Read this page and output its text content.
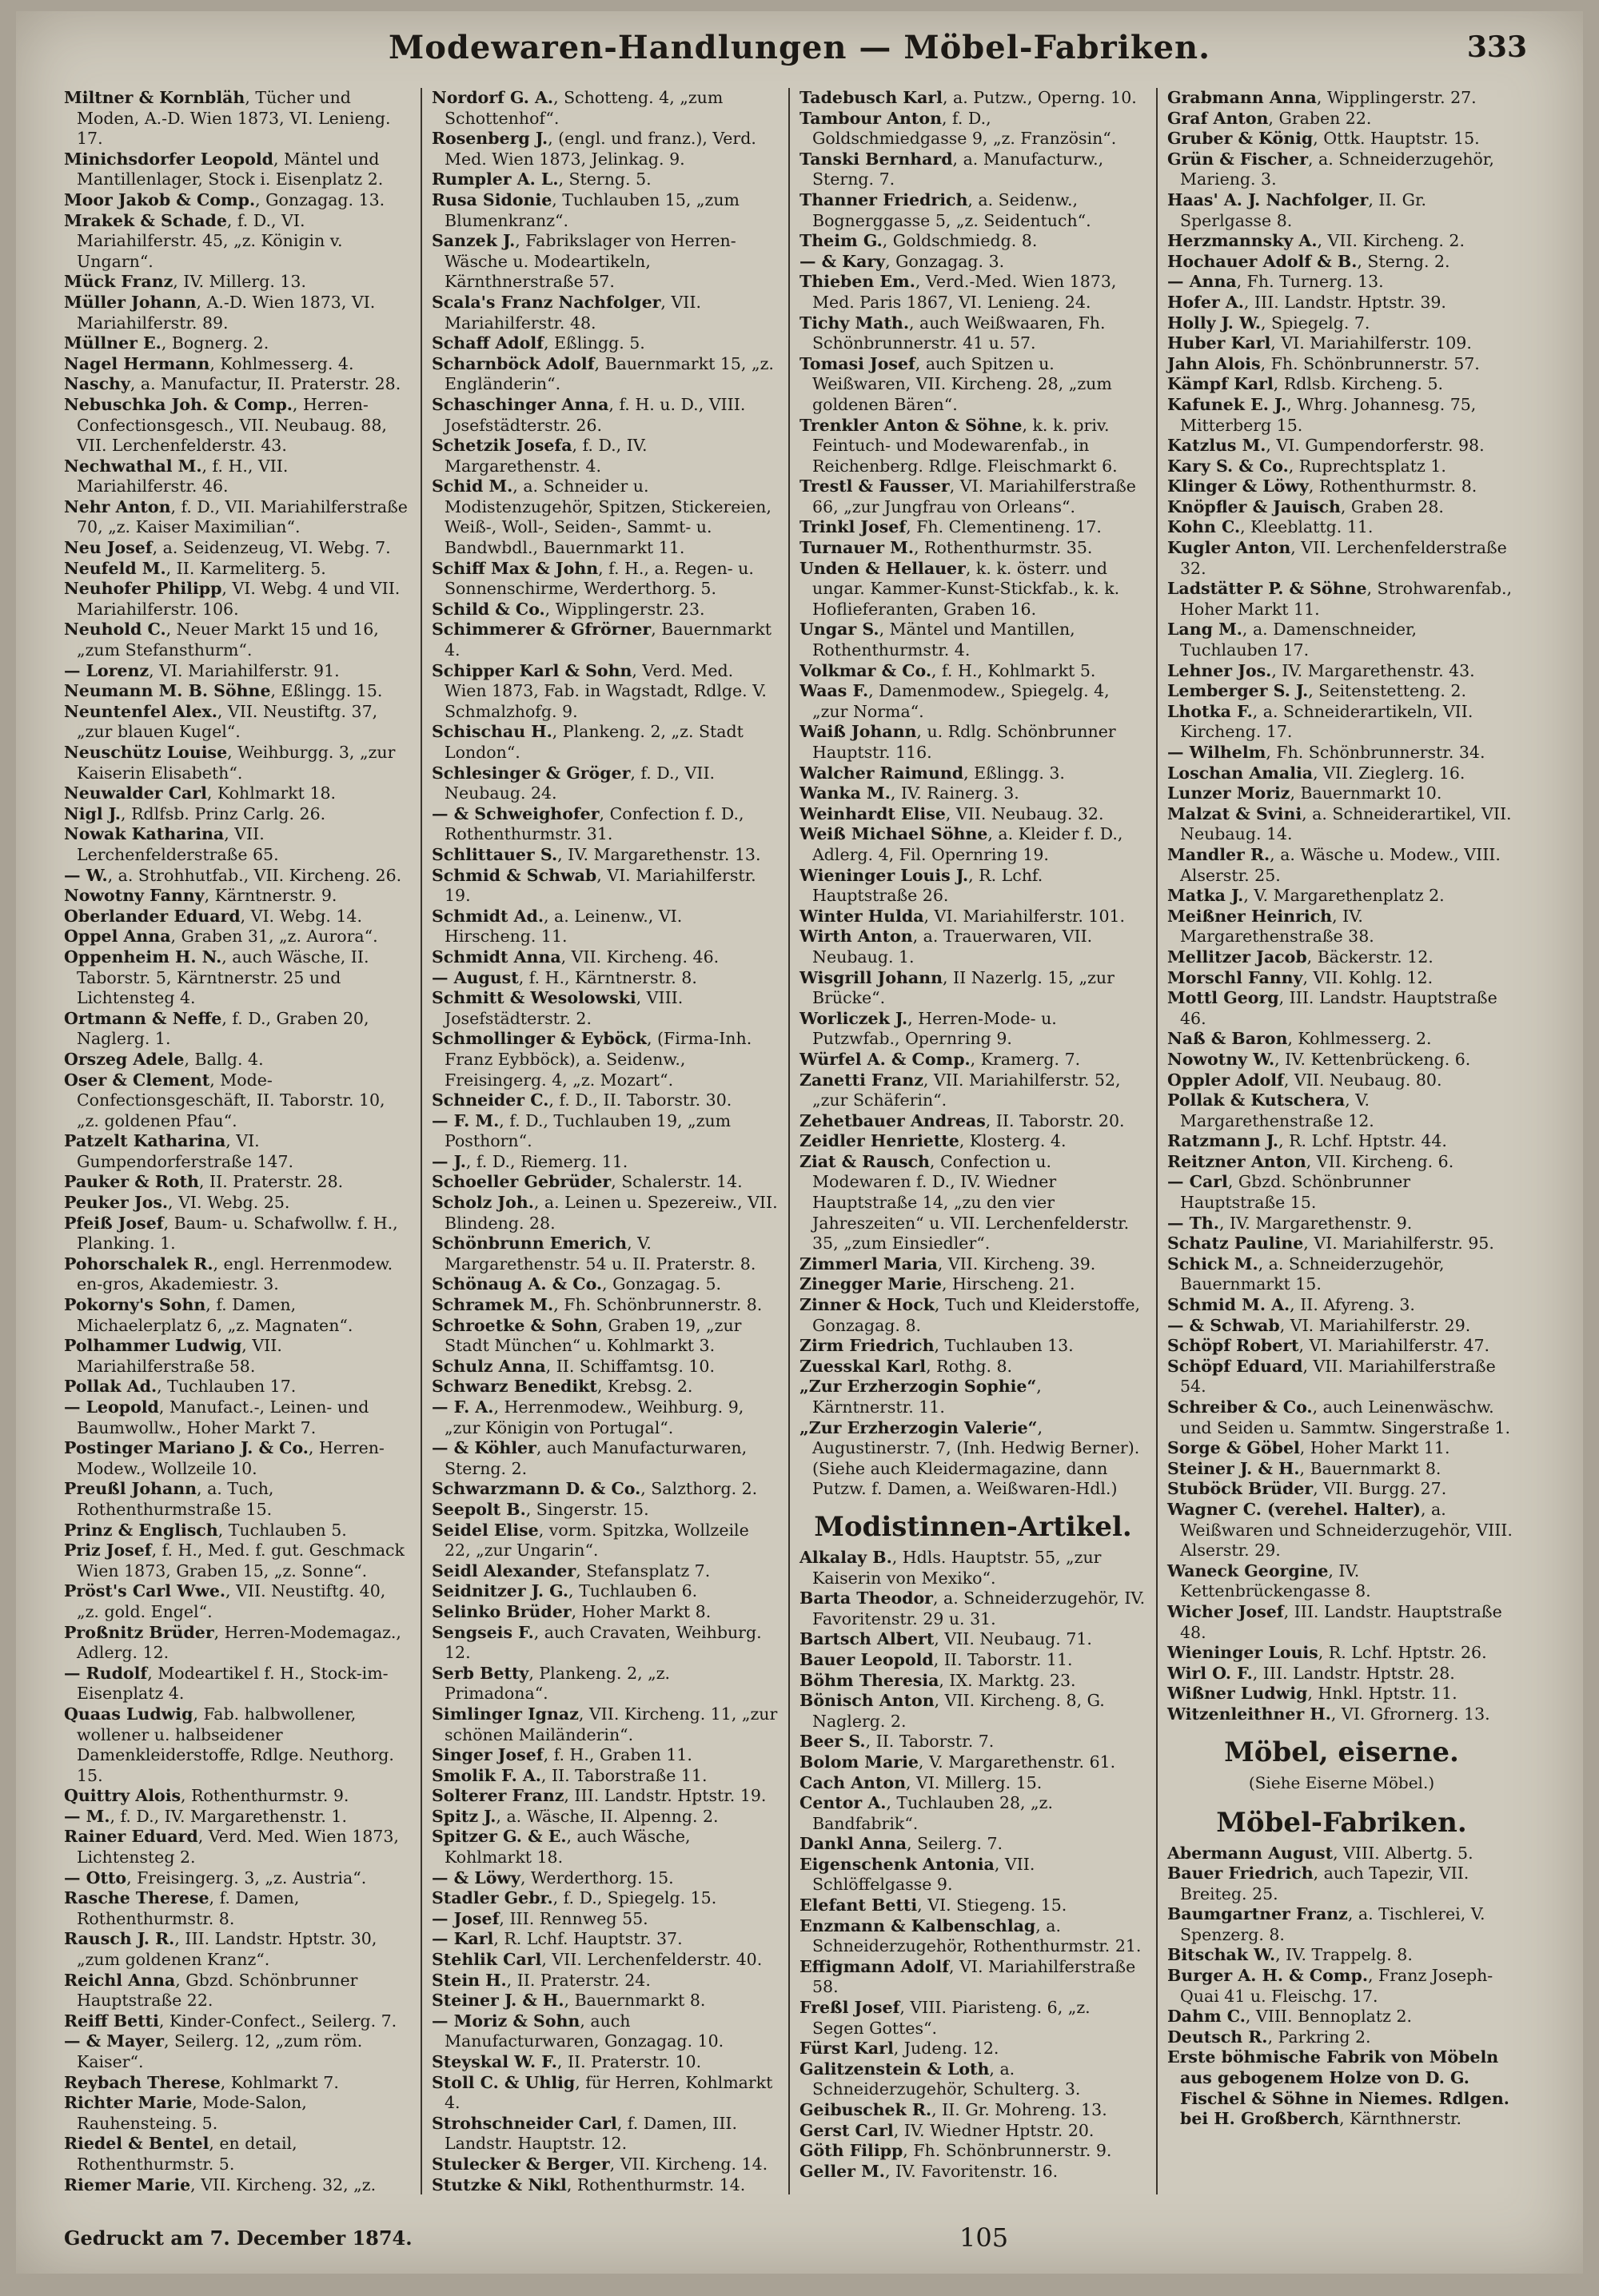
Modewaren-Handlungen — Möbel-Fabriken.	333

Miltner & Kornbläh, Tücher und Moden, A.-D. Wien 1873, VI. Lenieng. 17.

Minichsdorfer Leopold, Mäntel und Mantillenlager, Stock i. Eisenplatz 2.

Moor Jakob & Comp., Gonzagag. 13.

Mrakek & Schade, f. D., VI. Mariahilferstr. 45, „z. Königin v. Ungarn“.

Mück Franz, IV. Millerg. 13.

Müller Johann, A.-D. Wien 1873, VI. Mariahilferstr. 89.

Müllner E., Bognerg. 2.

Nagel Hermann, Kohlmesserg. 4.

Naschy, a. Manufactur, II. Praterstr. 28.

Nebuschka Joh. & Comp., Herren-Confectionsgesch., VII. Neubaug. 88, VII. Lerchenfelderstr. 43.

Nechwathal M., f. H., VII. Mariahilferstr. 46.

Nehr Anton, f. D., VII. Mariahilferstraße 70, „z. Kaiser Maximilian“.

Neu Josef, a. Seidenzeug, VI. Webg. 7.

Neufeld M., II. Karmeliterg. 5.

Neuhofer Philipp, VI. Webg. 4 und VII. Mariahilferstr. 106.

Neuhold C., Neuer Markt 15 und 16, „zum Stefansthurm“.

— Lorenz, VI. Mariahilferstr. 91.

Neumann M. B. Söhne, Eßlingg. 15.

Neuntenfel Alex., VII. Neustiftg. 37, „zur blauen Kugel“.

Neuschütz Louise, Weihburgg. 3, „zur Kaiserin Elisabeth“.

Neuwalder Carl, Kohlmarkt 18.

Nigl J., Rdlfsb. Prinz Carlg. 26.

Nowak Katharina, VII. Lerchenfelderstraße 65.

— W., a. Strohhutfab., VII. Kircheng. 26.

Nowotny Fanny, Kärntnerstr. 9.

Oberlander Eduard, VI. Webg. 14.

Oppel Anna, Graben 31, „z. Aurora“.

Oppenheim H. N., auch Wäsche, II. Taborstr. 5, Kärntnerstr. 25 und Lichtensteg 4.

Ortmann & Neffe, f. D., Graben 20, Naglerg. 1.

Orszeg Adele, Ballg. 4.

Oser & Clement, Mode-Confectionsgeschäft, II. Taborstr. 10, „z. goldenen Pfau“.

Patzelt Katharina, VI. Gumpendorferstraße 147.

Pauker & Roth, II. Praterstr. 28.

Peuker Jos., VI. Webg. 25.

Pfeiß Josef, Baum- u. Schafwollw. f. H., Planking. 1.

Pohorschalek R., engl. Herrenmodew. en-gros, Akademiestr. 3.

Pokorny's Sohn, f. Damen, Michaelerplatz 6, „z. Magnaten“.

Polhammer Ludwig, VII. Mariahilferstraße 58.

Pollak Ad., Tuchlauben 17.

— Leopold, Manufact.-, Leinen- und Baumwollw., Hoher Markt 7.

Postinger Mariano J. & Co., Herren-Modew., Wollzeile 10.

Preußl Johann, a. Tuch, Rothenthurmstraße 15.

Prinz & Englisch, Tuchlauben 5.

Priz Josef, f. H., Med. f. gut. Geschmack Wien 1873, Graben 15, „z. Sonne“.

Pröst's Carl Wwe., VII. Neustiftg. 40, „z. gold. Engel“.

Proßnitz Brüder, Herren-Modemagaz., Adlerg. 12.

— Rudolf, Modeartikel f. H., Stock-im-Eisenplatz 4.

Quaas Ludwig, Fab. halbwollener, wollener u. halbseidener Damenkleiderstoffe, Rdlge. Neuthorg. 15.

Quittry Alois, Rothenthurmstr. 9.

— M., f. D., IV. Margarethenstr. 1.

Rainer Eduard, Verd. Med. Wien 1873, Lichtensteg 2.

— Otto, Freisingerg. 3, „z. Austria“.

Rasche Therese, f. Damen, Rothenthurmstr. 8.

Rausch J. R., III. Landstr. Hptstr. 30, „zum goldenen Kranz“.

Reichl Anna, Gbzd. Schönbrunner Hauptstraße 22.

Reiff Betti, Kinder-Confect., Seilerg. 7.

— & Mayer, Seilerg. 12, „zum röm. Kaiser“.

Reybach Therese, Kohlmarkt 7.

Richter Marie, Mode-Salon, Rauhensteing. 5.

Riedel & Bentel, en detail, Rothenthurmstr. 5.

Riemer Marie, VII. Kircheng. 32, „z.

Nordorf G. A., Schotteng. 4, „zum Schottenhof“.

Rosenberg J., (engl. und franz.), Verd. Med. Wien 1873, Jelinkag. 9.

Rumpler A. L., Sterng. 5.

Rusa Sidonie, Tuchlauben 15, „zum Blumenkranz“.

Sanzek J., Fabrikslager von Herren-Wäsche u. Modeartikeln, Kärnthnerstraße 57.

Scala's Franz Nachfolger, VII. Mariahilferstr. 48.

Schaff Adolf, Eßlingg. 5.

Scharnböck Adolf, Bauernmarkt 15, „z. Engländerin“.

Schaschinger Anna, f. H. u. D., VIII. Josefstädterstr. 26.

Schetzik Josefa, f. D., IV. Margarethenstr. 4.

Schid M., a. Schneider u. Modistenzugehör, Spitzen, Stickereien, Weiß-, Woll-, Seiden-, Sammt- u. Bandwbdl., Bauernmarkt 11.

Schiff Max & John, f. H., a. Regen- u. Sonnenschirme, Werderthorg. 5.

Schild & Co., Wipplingerstr. 23.

Schimmerer & Gfrörner, Bauernmarkt 4.

Schipper Karl & Sohn, Verd. Med. Wien 1873, Fab. in Wagstadt, Rdlge. V. Schmalzhofg. 9.

Schischau H., Plankeng. 2, „z. Stadt London“.

Schlesinger & Gröger, f. D., VII. Neubaug. 24.

— & Schweighofer, Confection f. D., Rothenthurmstr. 31.

Schlittauer S., IV. Margarethenstr. 13.

Schmid & Schwab, VI. Mariahilferstr. 19.

Schmidt Ad., a. Leinenw., VI. Hirscheng. 11.

Schmidt Anna, VII. Kircheng. 46.

— August, f. H., Kärntnerstr. 8.

Schmitt & Wesolowski, VIII. Josefstädterstr. 2.

Schmollinger & Eyböck, (Firma-Inh. Franz Eybböck), a. Seidenw., Freisingerg. 4, „z. Mozart“.

Schneider C., f. D., II. Taborstr. 30.

— F. M., f. D., Tuchlauben 19, „zum Posthorn“.

— J., f. D., Riemerg. 11.

Schoeller Gebrüder, Schalerstr. 14.

Scholz Joh., a. Leinen u. Spezereiw., VII. Blindeng. 28.

Schönbrunn Emerich, V. Margarethenstr. 54 u. II. Praterstr. 8.

Schönaug A. & Co., Gonzagag. 5.

Schramek M., Fh. Schönbrunnerstr. 8.

Schroetke & Sohn, Graben 19, „zur Stadt München“ u. Kohlmarkt 3.

Schulz Anna, II. Schiffamtsg. 10.

Schwarz Benedikt, Krebsg. 2.

— F. A., Herrenmodew., Weihburg. 9, „zur Königin von Portugal“.

— & Köhler, auch Manufacturwaren, Sterng. 2.

Schwarzmann D. & Co., Salzthorg. 2.

Seepolt B., Singerstr. 15.

Seidel Elise, vorm. Spitzka, Wollzeile 22, „zur Ungarin“.

Seidl Alexander, Stefansplatz 7.

Seidnitzer J. G., Tuchlauben 6.

Selinko Brüder, Hoher Markt 8.

Sengseis F., auch Cravaten, Weihburg. 12.

Serb Betty, Plankeng. 2, „z. Primadona“.

Simlinger Ignaz, VII. Kircheng. 11, „zur schönen Mailänderin“.

Singer Josef, f. H., Graben 11.

Smolik F. A., II. Taborstraße 11.

Solterer Franz, III. Landstr. Hptstr. 19.

Spitz J., a. Wäsche, II. Alpenng. 2.

Spitzer G. & E., auch Wäsche, Kohlmarkt 18.

— & Löwy, Werderthorg. 15.

Stadler Gebr., f. D., Spiegelg. 15.

— Josef, III. Rennweg 55.

— Karl, R. Lchf. Hauptstr. 37.

Stehlik Carl, VII. Lerchenfelderstr. 40.

Stein H., II. Praterstr. 24.

Steiner J. & H., Bauernmarkt 8.

— Moriz & Sohn, auch Manufacturwaren, Gonzagag. 10.

Steyskal W. F., II. Praterstr. 10.

Stoll C. & Uhlig, für Herren, Kohlmarkt 4.

Strohschneider Carl, f. Damen, III. Landstr. Hauptstr. 12.

Stulecker & Berger, VII. Kircheng. 14.

Stutzke & Nikl, Rothenthurmstr. 14.

Tadebusch Karl, a. Putzw., Operng. 10.

Tambour Anton, f. D., Goldschmiedgasse 9, „z. Französin“.

Tanski Bernhard, a. Manufacturw., Sterng. 7.

Thanner Friedrich, a. Seidenw., Bognerggasse 5, „z. Seidentuch“.

Theim G., Goldschmiedg. 8.

— & Kary, Gonzagag. 3.

Thieben Em., Verd.-Med. Wien 1873, Med. Paris 1867, VI. Lenieng. 24.

Tichy Math., auch Weißwaaren, Fh. Schönbrunnerstr. 41 u. 57.

Tomasi Josef, auch Spitzen u. Weißwaren, VII. Kircheng. 28, „zum goldenen Bären“.

Trenkler Anton & Söhne, k. k. priv. Feintuch- und Modewarenfab., in Reichenberg. Rdlge. Fleischmarkt 6.

Trestl & Fausser, VI. Mariahilferstraße 66, „zur Jungfrau von Orleans“.

Trinkl Josef, Fh. Clementineng. 17.

Turnauer M., Rothenthurmstr. 35.

Unden & Hellauer, k. k. österr. und ungar. Kammer-Kunst-Stickfab., k. k. Hoflieferanten, Graben 16.

Ungar S., Mäntel und Mantillen, Rothenthurmstr. 4.

Volkmar & Co., f. H., Kohlmarkt 5.

Waas F., Damenmodew., Spiegelg. 4, „zur Norma“.

Waiß Johann, u. Rdlg. Schönbrunner Hauptstr. 116.

Walcher Raimund, Eßlingg. 3.

Wanka M., IV. Rainerg. 3.

Weinhardt Elise, VII. Neubaug. 32.

Weiß Michael Söhne, a. Kleider f. D., Adlerg. 4, Fil. Opernring 19.

Wieninger Louis J., R. Lchf. Hauptstraße 26.

Winter Hulda, VI. Mariahilferstr. 101.

Wirth Anton, a. Trauerwaren, VII. Neubaug. 1.

Wisgrill Johann, II Nazerlg. 15, „zur Brücke“.

Worliczek J., Herren-Mode- u. Putzwfab., Opernring 9.

Würfel A. & Comp., Kramerg. 7.

Zanetti Franz, VII. Mariahilferstr. 52, „zur Schäferin“.

Zehetbauer Andreas, II. Taborstr. 20.

Zeidler Henriette, Klosterg. 4.

Ziat & Rausch, Confection u. Modewaren f. D., IV. Wiedner Hauptstraße 14, „zu den vier Jahreszeiten“ u. VII. Lerchenfelderstr. 35, „zum Einsiedler“.

Zimmerl Maria, VII. Kircheng. 39.

Zinegger Marie, Hirscheng. 21.

Zinner & Hock, Tuch und Kleiderstoffe, Gonzagag. 8.

Zirm Friedrich, Tuchlauben 13.

Zuesskal Karl, Rothg. 8.

„Zur Erzherzogin Sophie“, Kärntnerstr. 11.

„Zur Erzherzogin Valerie“, Augustinerstr. 7, (Inh. Hedwig Berner). (Siehe auch Kleidermagazine, dann Putzw. f. Damen, a. Weißwaren-Hdl.)

Modistinnen-Artikel.

Alkalay B., Hdls. Hauptstr. 55, „zur Kaiserin von Mexiko“.

Barta Theodor, a. Schneiderzugehör, IV. Favoritenstr. 29 u. 31.

Bartsch Albert, VII. Neubaug. 71.

Bauer Leopold, II. Taborstr. 11.

Böhm Theresia, IX. Marktg. 23.

Bönisch Anton, VII. Kircheng. 8, G. Naglerg. 2.

Beer S., II. Taborstr. 7.

Bolom Marie, V. Margarethenstr. 61.

Cach Anton, VI. Millerg. 15.

Centor A., Tuchlauben 28, „z. Bandfabrik“.

Dankl Anna, Seilerg. 7.

Eigenschenk Antonia, VII. Schlöffelgasse 9.

Elefant Betti, VI. Stiegeng. 15.

Enzmann & Kalbenschlag, a. Schneiderzugehör, Rothenthurmstr. 21.

Effigmann Adolf, VI. Mariahilferstraße 58.

Freßl Josef, VIII. Piaristeng. 6, „z. Segen Gottes“.

Fürst Karl, Judeng. 12.

Galitzenstein & Loth, a. Schneiderzugehör, Schulterg. 3.

Geibuschek R., II. Gr. Mohreng. 13.

Gerst Carl, IV. Wiedner Hptstr. 20.

Göth Filipp, Fh. Schönbrunnerstr. 9.

Geller M., IV. Favoritenstr. 16.

Grabmann Anna, Wipplingerstr. 27.

Graf Anton, Graben 22.

Gruber & König, Ottk. Hauptstr. 15.

Grün & Fischer, a. Schneiderzugehör, Marieng. 3.

Haas' A. J. Nachfolger, II. Gr. Sperlgasse 8.

Herzmannsky A., VII. Kircheng. 2.

Hochauer Adolf & B., Sterng. 2.

— Anna, Fh. Turnerg. 13.

Hofer A., III. Landstr. Hptstr. 39.

Holly J. W., Spiegelg. 7.

Huber Karl, VI. Mariahilferstr. 109.

Jahn Alois, Fh. Schönbrunnerstr. 57.

Kämpf Karl, Rdlsb. Kircheng. 5.

Kafunek E. J., Whrg. Johannesg. 75, Mitterberg 15.

Katzlus M., VI. Gumpendorferstr. 98.

Kary S. & Co., Ruprechtsplatz 1.

Klinger & Löwy, Rothenthurmstr. 8.

Knöpfler & Jauisch, Graben 28.

Kohn C., Kleeblattg. 11.

Kugler Anton, VII. Lerchenfelderstraße 32.

Ladstätter P. & Söhne, Strohwarenfab., Hoher Markt 11.

Lang M., a. Damenschneider, Tuchlauben 17.

Lehner Jos., IV. Margarethenstr. 43.

Lemberger S. J., Seitenstetteng. 2.

Lhotka F., a. Schneiderartikeln, VII. Kircheng. 17.

— Wilhelm, Fh. Schönbrunnerstr. 34.

Loschan Amalia, VII. Zieglerg. 16.

Lunzer Moriz, Bauernmarkt 10.

Malzat & Svini, a. Schneiderartikel, VII. Neubaug. 14.

Mandler R., a. Wäsche u. Modew., VIII. Alserstr. 25.

Matka J., V. Margarethenplatz 2.

Meißner Heinrich, IV. Margarethenstraße 38.

Mellitzer Jacob, Bäckerstr. 12.

Morschl Fanny, VII. Kohlg. 12.

Mottl Georg, III. Landstr. Hauptstraße 46.

Naß & Baron, Kohlmesserg. 2.

Nowotny W., IV. Kettenbrückeng. 6.

Oppler Adolf, VII. Neubaug. 80.

Pollak & Kutschera, V. Margarethenstraße 12.

Ratzmann J., R. Lchf. Hptstr. 44.

Reitzner Anton, VII. Kircheng. 6.

— Carl, Gbzd. Schönbrunner Hauptstraße 15.

— Th., IV. Margarethenstr. 9.

Schatz Pauline, VI. Mariahilferstr. 95.

Schick M., a. Schneiderzugehör, Bauernmarkt 15.

Schmid M. A., II. Afyreng. 3.

— & Schwab, VI. Mariahilferstr. 29.

Schöpf Robert, VI. Mariahilferstr. 47.

Schöpf Eduard, VII. Mariahilferstraße 54.

Schreiber & Co., auch Leinenwäschw. und Seiden u. Sammtw. Singerstraße 1.

Sorge & Göbel, Hoher Markt 11.

Steiner J. & H., Bauernmarkt 8.

Stuböck Brüder, VII. Burgg. 27.

Wagner C. (verehel. Halter), a. Weißwaren und Schneiderzugehör, VIII. Alserstr. 29.

Waneck Georgine, IV. Kettenbrückengasse 8.

Wicher Josef, III. Landstr. Hauptstraße 48.

Wieninger Louis, R. Lchf. Hptstr. 26.

Wirl O. F., III. Landstr. Hptstr. 28.

Wißner Ludwig, Hnkl. Hptstr. 11.

Witzenleithner H., VI. Gfrornerg. 13.

Möbel, eiserne.
(Siehe Eiserne Möbel.)
Möbel-Fabriken.

Abermann August, VIII. Albertg. 5.

Bauer Friedrich, auch Tapezir, VII. Breiteg. 25.

Baumgartner Franz, a. Tischlerei, V. Spenzerg. 8.

Bitschak W., IV. Trappelg. 8.

Burger A. H. & Comp., Franz Joseph-Quai 41 u. Fleischg. 17.

Dahm C., VIII. Bennoplatz 2.

Deutsch R., Parkring 2.

Erste böhmische Fabrik von Möbeln aus gebogenem Holze von D. G. Fischel & Söhne in Niemes. Rdlgen. bei H. Großberch, Kärnthnerstr.

Gedruckt am 7. December 1874.	105
